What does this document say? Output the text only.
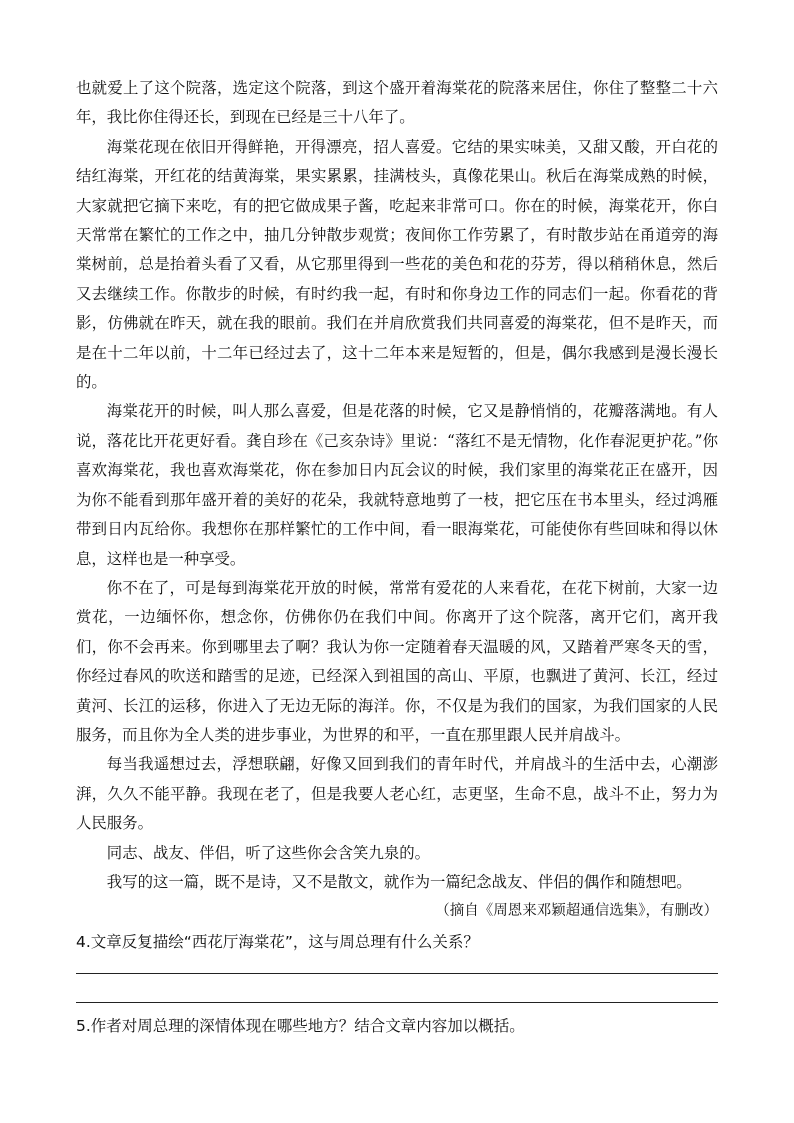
也就爱上了这个院落，选定这个院落，到这个盛开着海棠花的院落来居住，你住了整整二十六年，我比你住得还长，到现在已经是三十八年了。

海棠花现在依旧开得鲜艳，开得漂亮，招人喜爱。它结的果实味美，又甜又酸，开白花的结红海棠，开红花的结黄海棠，果实累累，挂满枝头，真像花果山。秋后在海棠成熟的时候，大家就把它摘下来吃，有的把它做成果子酱，吃起来非常可口。你在的时候，海棠花开，你白天常常在繁忙的工作之中，抽几分钟散步观赏；夜间你工作劳累了，有时散步站在甬道旁的海棠树前，总是抬着头看了又看，从它那里得到一些花的美色和花的芬芳，得以稍稍休息，然后又去继续工作。你散步的时候，有时约我一起，有时和你身边工作的同志们一起。你看花的背影，仿佛就在昨天，就在我的眼前。我们在并肩欣赏我们共同喜爱的海棠花，但不是昨天，而是在十二年以前，十二年已经过去了，这十二年本来是短暂的，但是，偶尔我感到是漫长漫长的。

海棠花开的时候，叫人那么喜爱，但是花落的时候，它又是静悄悄的，花瓣落满地。有人说，落花比开花更好看。龚自珍在《己亥杂诗》里说：“落红不是无情物，化作春泥更护花。”你喜欢海棠花，我也喜欢海棠花，你在参加日内瓦会议的时候，我们家里的海棠花正在盛开，因为你不能看到那年盛开着的美好的花朵，我就特意地剪了一枝，把它压在书本里头，经过鸿雁带到日内瓦给你。我想你在那样繁忙的工作中间，看一眼海棠花，可能使你有些回味和得以休息，这样也是一种享受。

你不在了，可是每到海棠花开放的时候，常常有爱花的人来看花，在花下树前，大家一边赏花，一边缅怀你，想念你，仿佛你仍在我们中间。你离开了这个院落，离开它们，离开我们，你不会再来。你到哪里去了啊？我认为你一定随着春天温暖的风，又踏着严寒冬天的雪，你经过春风的吹送和踏雪的足迹，已经深入到祖国的高山、平原，也飘进了黄河、长江，经过黄河、长江的运移，你进入了无边无际的海洋。你，不仅是为我们的国家，为我们国家的人民服务，而且你为全人类的进步事业，为世界的和平，一直在那里跟人民并肩战斗。

每当我遥想过去，浮想联翩，好像又回到我们的青年时代，并肩战斗的生活中去，心潮澎湃，久久不能平静。我现在老了，但是我要人老心红，志更坚，生命不息，战斗不止，努力为人民服务。

同志、战友、伴侣，听了这些你会含笑九泉的。

我写的这一篇，既不是诗，又不是散文，就作为一篇纪念战友、伴侣的偶作和随想吧。

（摘自《周恩来邓颖超通信选集》，有删改）

4.文章反复描绘“西花厅海棠花”，这与周总理有什么关系？

5.作者对周总理的深情体现在哪些地方？结合文章内容加以概括。
